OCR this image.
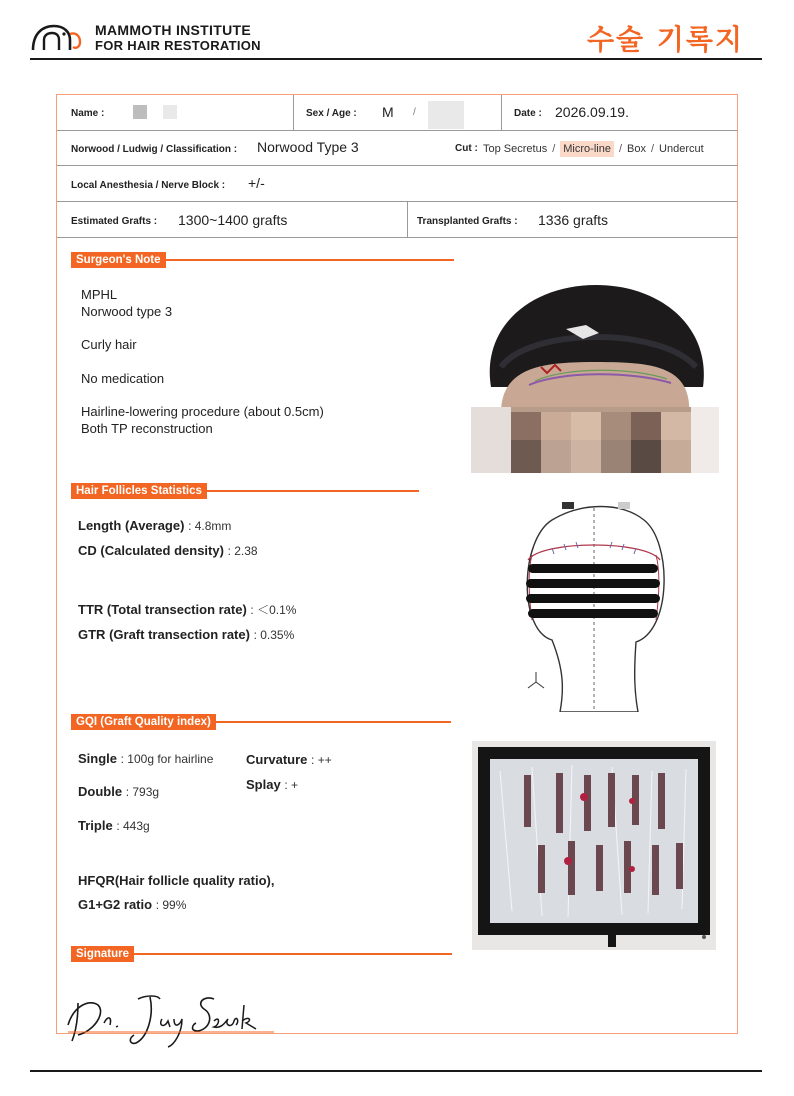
MAMMOTH INSTITUTE
FOR HAIR RESTORATION	수술 기록지
Name :	Sex / Age : M /	Date : 2026.09.19.
Norwood / Ludwig / Classification : Norwood Type 3	Cut : Top Secretus / Micro-line / Box / Undercut
Local Anesthesia / Nerve Block : +/-
Estimated Grafts : 1300~1400 grafts	Transplanted Grafts : 1336 grafts
Surgeon's Note
MPHL
Norwood type 3
Curly hair
No medication
Hairline-lowering procedure (about 0.5cm)
Both TP reconstruction
Hair Follicles Statistics
Length (Average) : 4.8mm
CD (Calculated density) : 2.38
TTR (Total transection rate) : ＜0.1%
GTR (Graft transection rate) : 0.35%
GQI (Graft Quality index)
Single : 100g for hairline	Curvature : ++
Splay : +
Double : 793g
Triple : 443g
HFQR(Hair follicle quality ratio),
G1+G2 ratio : 99%
Signature
